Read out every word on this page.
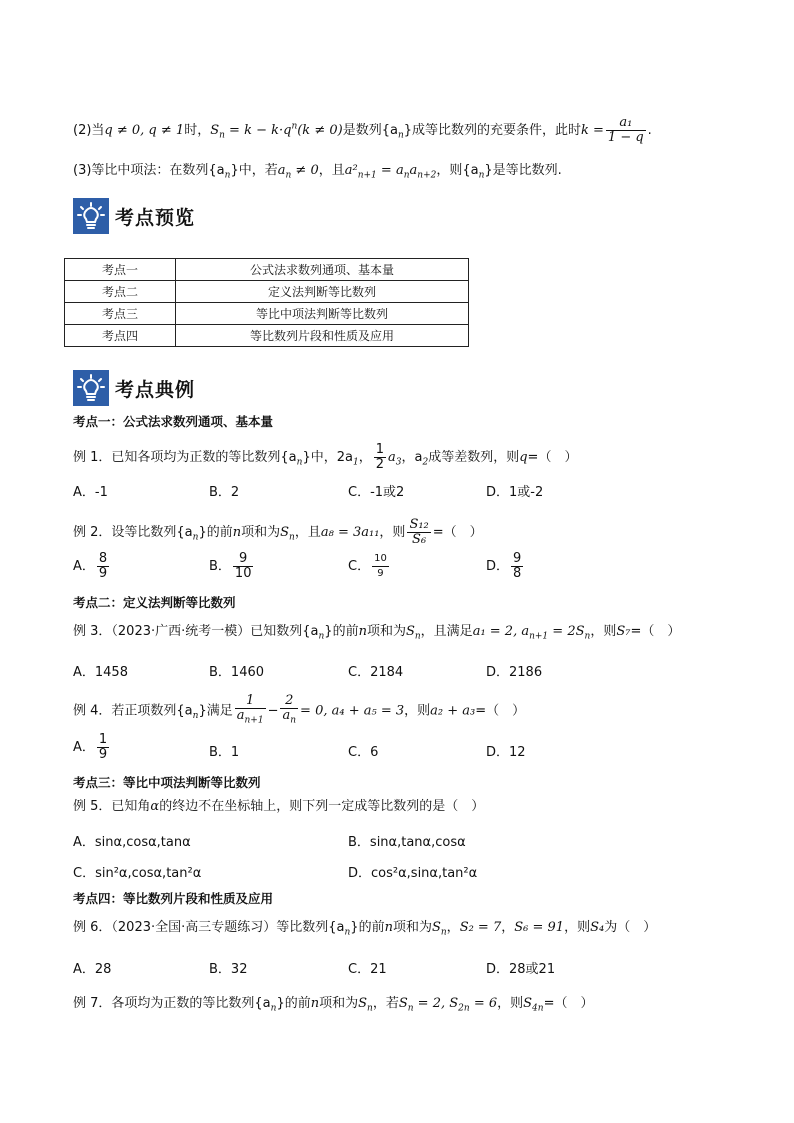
(2)当q ≠ 0, q ≠ 1时，$S_n = k - k\cdot q^n(k \ne 0)$是数列$\{a_n\}$成等比数列的充要条件，此时$k = \frac{\text{a₁}}{1 - q}$ .
(3)等比中项法：在数列$\{a_n\}$中，若$a_n \ne 0$，且$a^2_{n+1} = a_na_{n+2}$，则$\{a_n\}$是等比数列.
考点预览
考点一	公式法求数列通项、基本量
考点二	定义法判断等比数列
考点三	等比中项法判断等比数列
考点四	等比数列片段和性质及应用
考点典例
考点一：公式法求数列通项、基本量
例 1．已知各项均为正数的等比数列$\{a_n\}$中，$2a_1$， $\frac{1}{2} a_3$，$a_2$成等差数列，则q=（　）
A．-1	B．2	C．-1或2	D．1或-2
例 2．设等比数列$\{a_n\}$的前n项和为$S_n$，且a₈ = 3a₁₁，则 $\frac{\text{S₁₂}}{\text{S₆}}$ =（　）
A． $\frac{8}{9}$	B． $\frac{9}{10}$	C． $\frac{10}{9}$	D． $\frac{9}{8}$
考点二：定义法判断等比数列
例 3．（2023·广西·统考一模）已知数列$\{a_n\}$的前n项和为$S_n$，且满足a₁ = 2, $a_{n+1} = 2S_n$，则S₇=（　）
A．1458	B．1460	C．2184	D．2186
例 4．若正项数列$\{a_n\}$满足 $\frac{1}{a_{n+1}} - \frac{2}{a_n} = 0$, a₄ + a₅ = 3，则a₂ + a₃=（　）
A． $\frac{1}{9}$	B．1	C．6	D．12
考点三：等比中项法判断等比数列
例 5．已知角α的终边不在坐标轴上，则下列一定成等比数列的是（　）
A．sinα,cosα,tanα	B．sinα,tanα,cosα
C．sin²α,cosα,tan²α	D．cos²α,sinα,tan²α
考点四：等比数列片段和性质及应用
例 6．（2023·全国·高三专题练习）等比数列$\{a_n\}$的前n项和为$S_n$，S₂ = 7，S₆ = 91，则S₄为（　）
A．28	B．32	C．21	D．28或21
例 7．各项均为正数的等比数列$\{a_n\}$的前n项和为$S_n$，若$S_n = 2$, $S_{2n} = 6$，则$S_{4n}=$（　）
